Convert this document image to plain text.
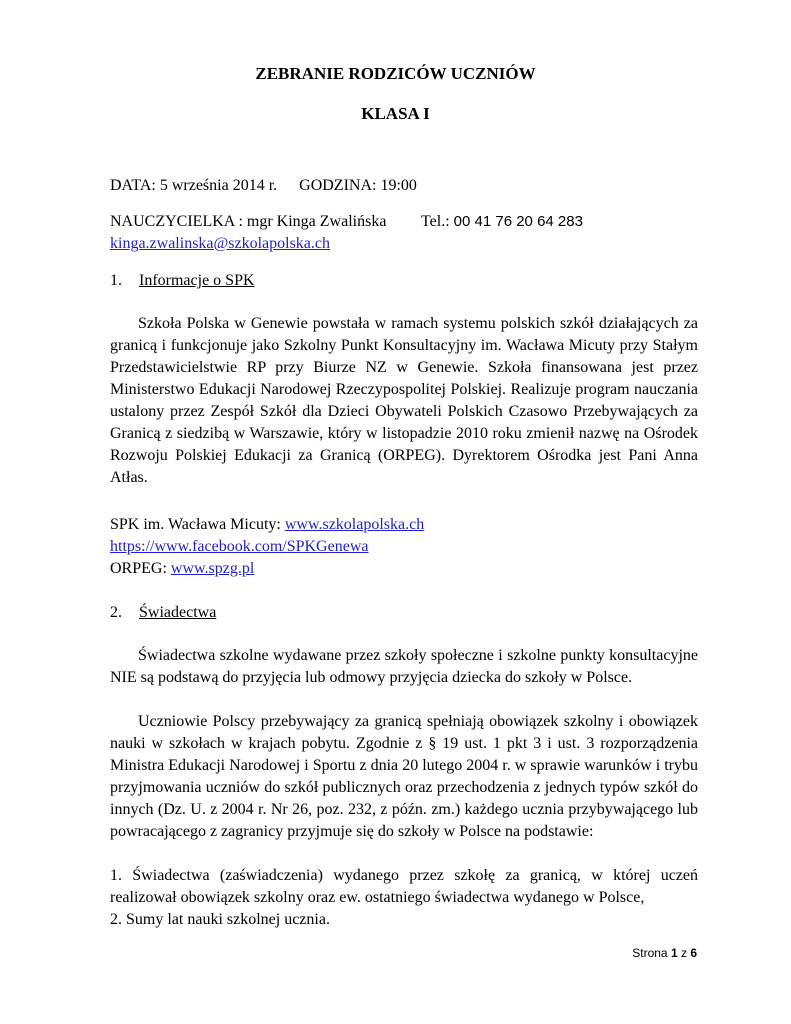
ZEBRANIE RODZICÓW UCZNIÓW
KLASA I
DATA: 5 września 2014 r. GODZINA: 19:00
NAUCZYCIELKA : mgr Kinga Zwalińska Tel.: 00 41 76 20 64 283
kinga.zwalinska@szkolapolska.ch
1. Informacje o SPK

Szkoła Polska w Genewie powstała w ramach systemu polskich szkół działających za granicą i funkcjonuje jako Szkolny Punkt Konsultacyjny im. Wacława Micuty przy Stałym Przedstawicielstwie RP przy Biurze NZ w Genewie. Szkoła finansowana jest przez Ministerstwo Edukacji Narodowej Rzeczypospolitej Polskiej. Realizuje program nauczania ustalony przez Zespół Szkół dla Dzieci Obywateli Polskich Czasowo Przebywających za Granicą z siedzibą w Warszawie, który w listopadzie 2010 roku zmienił nazwę na Ośrodek Rozwoju Polskiej Edukacji za Granicą (ORPEG). Dyrektorem Ośrodka jest Pani Anna Atłas.

SPK im. Wacława Micuty: www.szkolapolska.ch
https://www.facebook.com/SPKGenewa
ORPEG: www.spzg.pl
2. Świadectwa

Świadectwa szkolne wydawane przez szkoły społeczne i szkolne punkty konsultacyjne NIE są podstawą do przyjęcia lub odmowy przyjęcia dziecka do szkoły w Polsce.

Uczniowie Polscy przebywający za granicą spełniają obowiązek szkolny i obowiązek nauki w szkołach w krajach pobytu. Zgodnie z § 19 ust. 1 pkt 3 i ust. 3 rozporządzenia Ministra Edukacji Narodowej i Sportu z dnia 20 lutego 2004 r. w sprawie warunków i trybu przyjmowania uczniów do szkół publicznych oraz przechodzenia z jednych typów szkół do innych (Dz. U. z 2004 r. Nr 26, poz. 232, z późn. zm.) każdego ucznia przybywającego lub powracającego z zagranicy przyjmuje się do szkoły w Polsce na podstawie:

1. Świadectwa (zaświadczenia) wydanego przez szkołę za granicą, w której uczeń realizował obowiązek szkolny oraz ew. ostatniego świadectwa wydanego w Polsce,

2. Sumy lat nauki szkolnej ucznia.

Strona 1 z 6
